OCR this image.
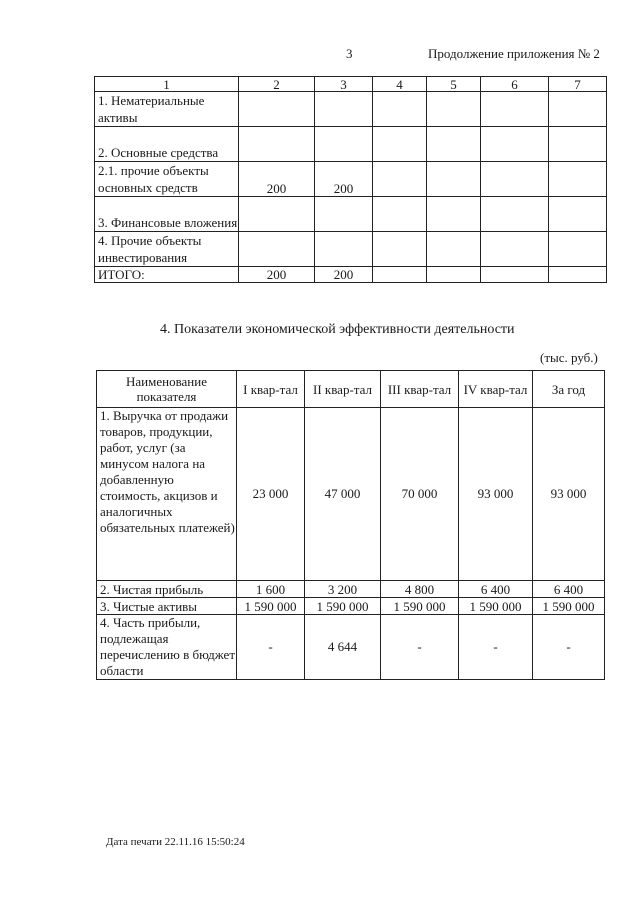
3	Продолжение приложения № 2
1	2	3	4	5	6	7
1. Нематериальные активы						
2. Основные средства						
2.1. прочие объекты основных средств	200	200				
3. Финансовые вложения						
4. Прочие объекты инвестирования						
ИТОГО:	200	200				
4. Показатели экономической эффективности деятельности
(тыс. руб.)
Наименование показателя	I квар-тал	II квар-тал	III квар-тал	IV квар-тал	За год
1. Выручка от продажи товаров, продукции, работ, услуг (за минусом налога на добавленную стоимость, акцизов и аналогичных обязательных платежей)	23 000	47 000	70 000	93 000	93 000
2. Чистая прибыль	1 600	3 200	4 800	6 400	6 400
3. Чистые активы	1 590 000	1 590 000	1 590 000	1 590 000	1 590 000
4. Часть прибыли, подлежащая перечислению в бюджет области	-	4 644	-	-	-
Дата печати 22.11.16 15:50:24
